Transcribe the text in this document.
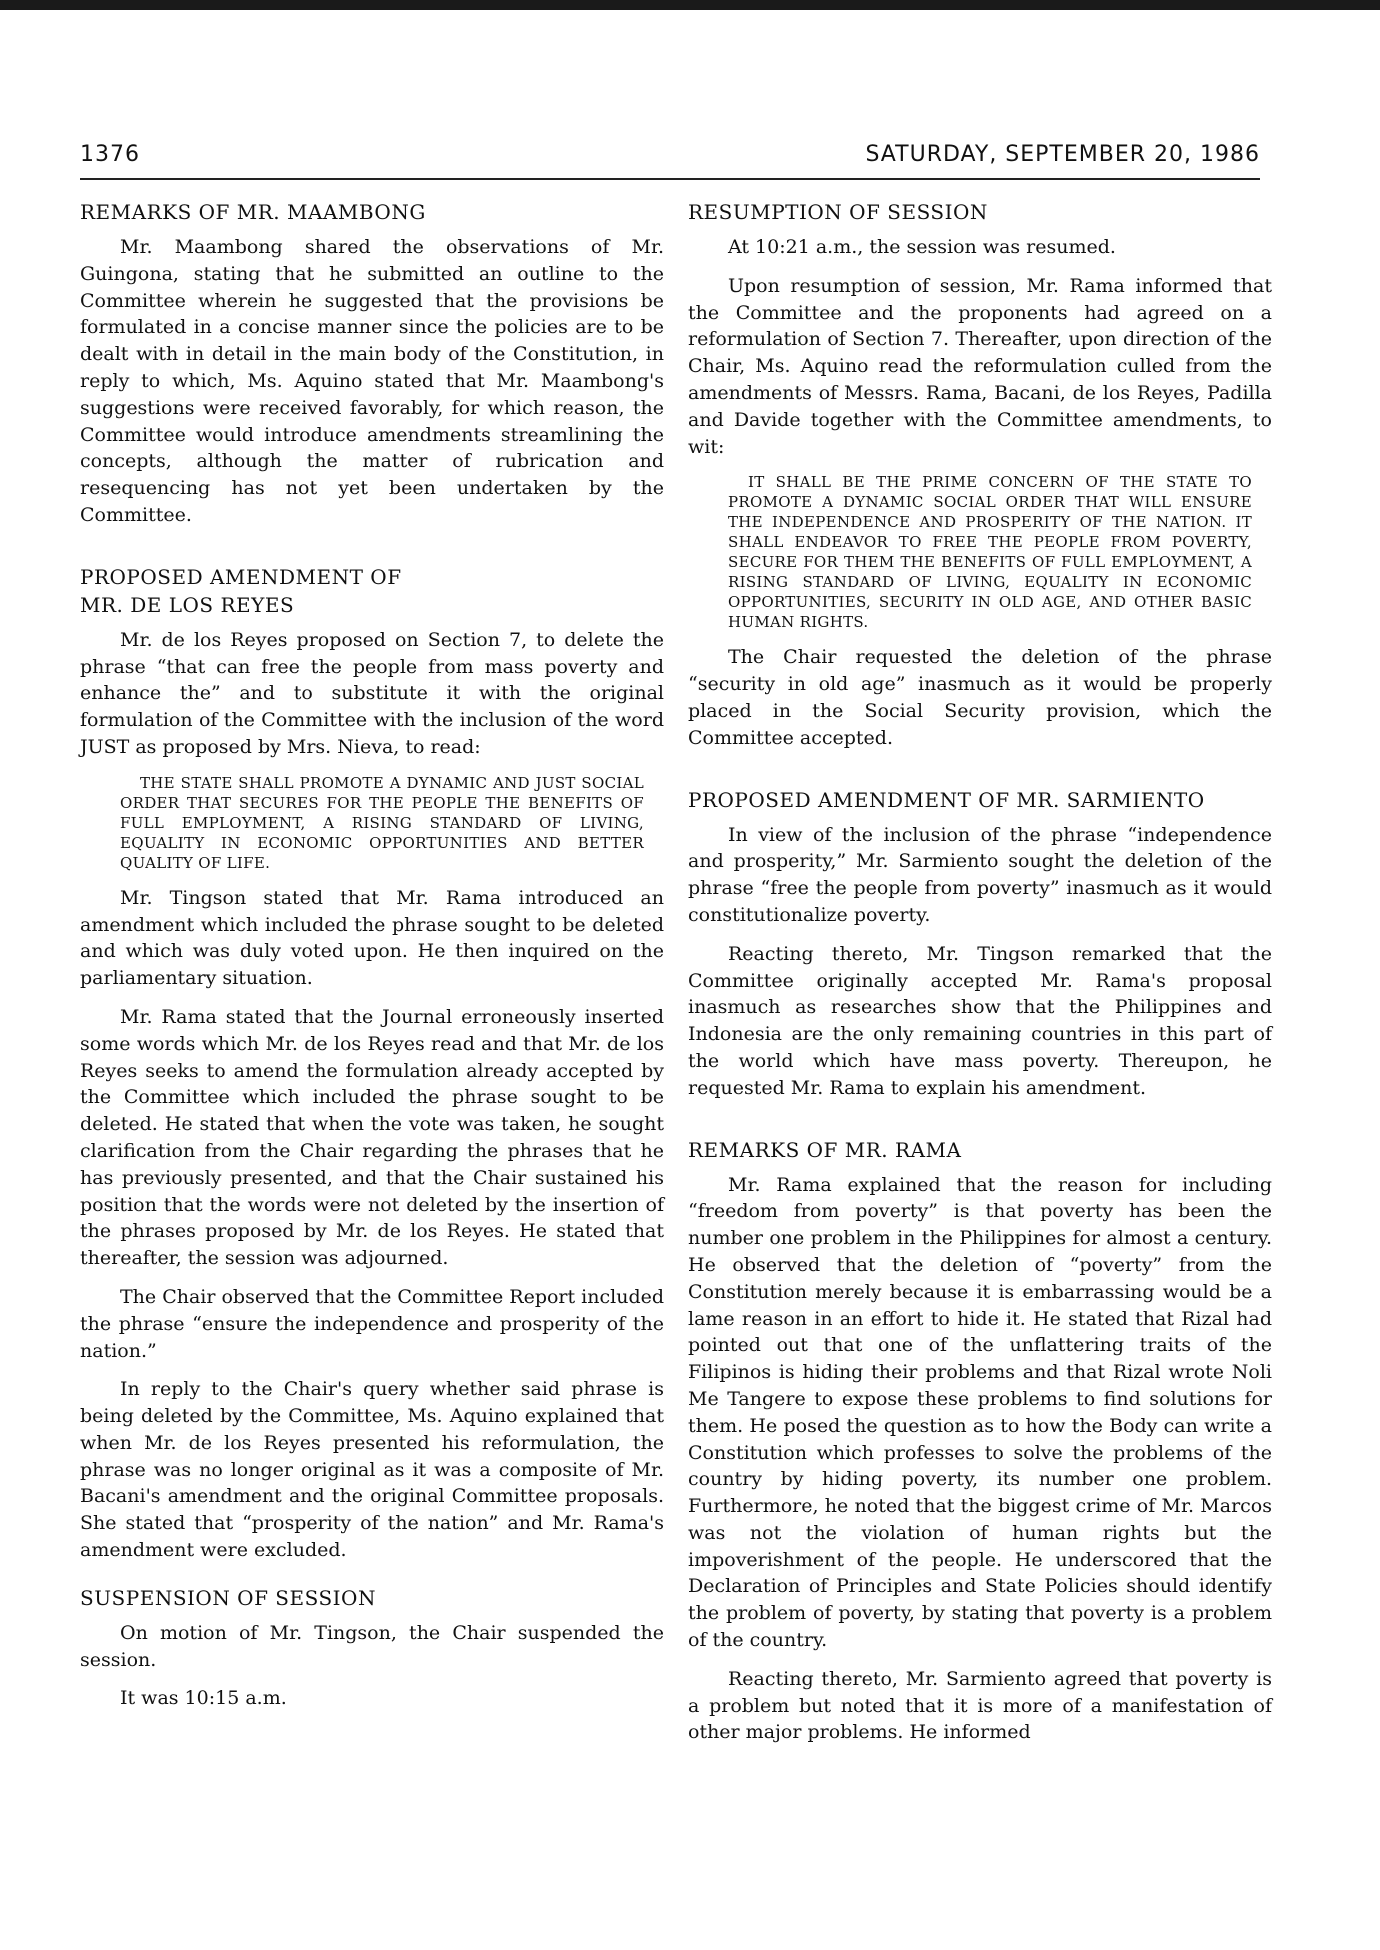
1376	SATURDAY, SEPTEMBER 20, 1986
REMARKS OF MR. MAAMBONG

Mr. Maambong shared the observations of Mr. Guingona, stating that he submitted an outline to the Committee wherein he suggested that the provisions be formulated in a concise manner since the policies are to be dealt with in detail in the main body of the Constitution, in reply to which, Ms. Aquino stated that Mr. Maambong's suggestions were received favorably, for which reason, the Committee would introduce amendments streamlining the concepts, although the matter of rubrication and resequencing has not yet been undertaken by the Committee.

PROPOSED AMENDMENT OF
MR. DE LOS REYES

Mr. de los Reyes proposed on Section 7, to delete the phrase “that can free the people from mass poverty and enhance the” and to substitute it with the original formulation of the Committee with the inclusion of the word JUST as proposed by Mrs. Nieva, to read:

THE STATE SHALL PROMOTE A DYNAMIC AND JUST SOCIAL ORDER THAT SECURES FOR THE PEOPLE THE BENEFITS OF FULL EMPLOYMENT, A RISING STANDARD OF LIVING, EQUALITY IN ECONOMIC OPPORTUNITIES AND BETTER QUALITY OF LIFE.

Mr. Tingson stated that Mr. Rama introduced an amendment which included the phrase sought to be deleted and which was duly voted upon. He then inquired on the parliamentary situation.

Mr. Rama stated that the Journal erroneously inserted some words which Mr. de los Reyes read and that Mr. de los Reyes seeks to amend the formulation already accepted by the Committee which included the phrase sought to be deleted. He stated that when the vote was taken, he sought clarification from the Chair regarding the phrases that he has previously presented, and that the Chair sustained his position that the words were not deleted by the insertion of the phrases proposed by Mr. de los Reyes. He stated that thereafter, the session was adjourned.

The Chair observed that the Committee Report included the phrase “ensure the independence and prosperity of the nation.”

In reply to the Chair's query whether said phrase is being deleted by the Committee, Ms. Aquino explained that when Mr. de los Reyes presented his reformulation, the phrase was no longer original as it was a composite of Mr. Bacani's amendment and the original Committee proposals. She stated that “prosperity of the nation” and Mr. Rama's amendment were excluded.

SUSPENSION OF SESSION

On motion of Mr. Tingson, the Chair suspended the session.

It was 10:15 a.m.

RESUMPTION OF SESSION

At 10:21 a.m., the session was resumed.

Upon resumption of session, Mr. Rama informed that the Committee and the proponents had agreed on a reformulation of Section 7. Thereafter, upon direction of the Chair, Ms. Aquino read the reformulation culled from the amendments of Messrs. Rama, Bacani, de los Reyes, Padilla and Davide together with the Committee amendments, to wit:

IT SHALL BE THE PRIME CONCERN OF THE STATE TO PROMOTE A DYNAMIC SOCIAL ORDER THAT WILL ENSURE THE INDEPENDENCE AND PROSPERITY OF THE NATION. IT SHALL ENDEAVOR TO FREE THE PEOPLE FROM POVERTY, SECURE FOR THEM THE BENEFITS OF FULL EMPLOYMENT, A RISING STANDARD OF LIVING, EQUALITY IN ECONOMIC OPPORTUNITIES, SECURITY IN OLD AGE, AND OTHER BASIC HUMAN RIGHTS.

The Chair requested the deletion of the phrase “security in old age” inasmuch as it would be properly placed in the Social Security provision, which the Committee accepted.

PROPOSED AMENDMENT OF MR. SARMIENTO

In view of the inclusion of the phrase “independence and prosperity,” Mr. Sarmiento sought the deletion of the phrase “free the people from poverty” inasmuch as it would constitutionalize poverty.

Reacting thereto, Mr. Tingson remarked that the Committee originally accepted Mr. Rama's proposal inasmuch as researches show that the Philippines and Indonesia are the only remaining countries in this part of the world which have mass poverty. Thereupon, he requested Mr. Rama to explain his amendment.

REMARKS OF MR. RAMA

Mr. Rama explained that the reason for including “freedom from poverty” is that poverty has been the number one problem in the Philippines for almost a century. He observed that the deletion of “poverty” from the Constitution merely because it is embarrassing would be a lame reason in an effort to hide it. He stated that Rizal had pointed out that one of the unflattering traits of the Filipinos is hiding their problems and that Rizal wrote Noli Me Tangere to expose these problems to find solutions for them. He posed the question as to how the Body can write a Constitution which professes to solve the problems of the country by hiding poverty, its number one problem. Furthermore, he noted that the biggest crime of Mr. Marcos was not the violation of human rights but the impoverishment of the people. He underscored that the Declaration of Principles and State Policies should identify the problem of poverty, by stating that poverty is a problem of the country.

Reacting thereto, Mr. Sarmiento agreed that poverty is a problem but noted that it is more of a manifestation of other major problems. He informed
